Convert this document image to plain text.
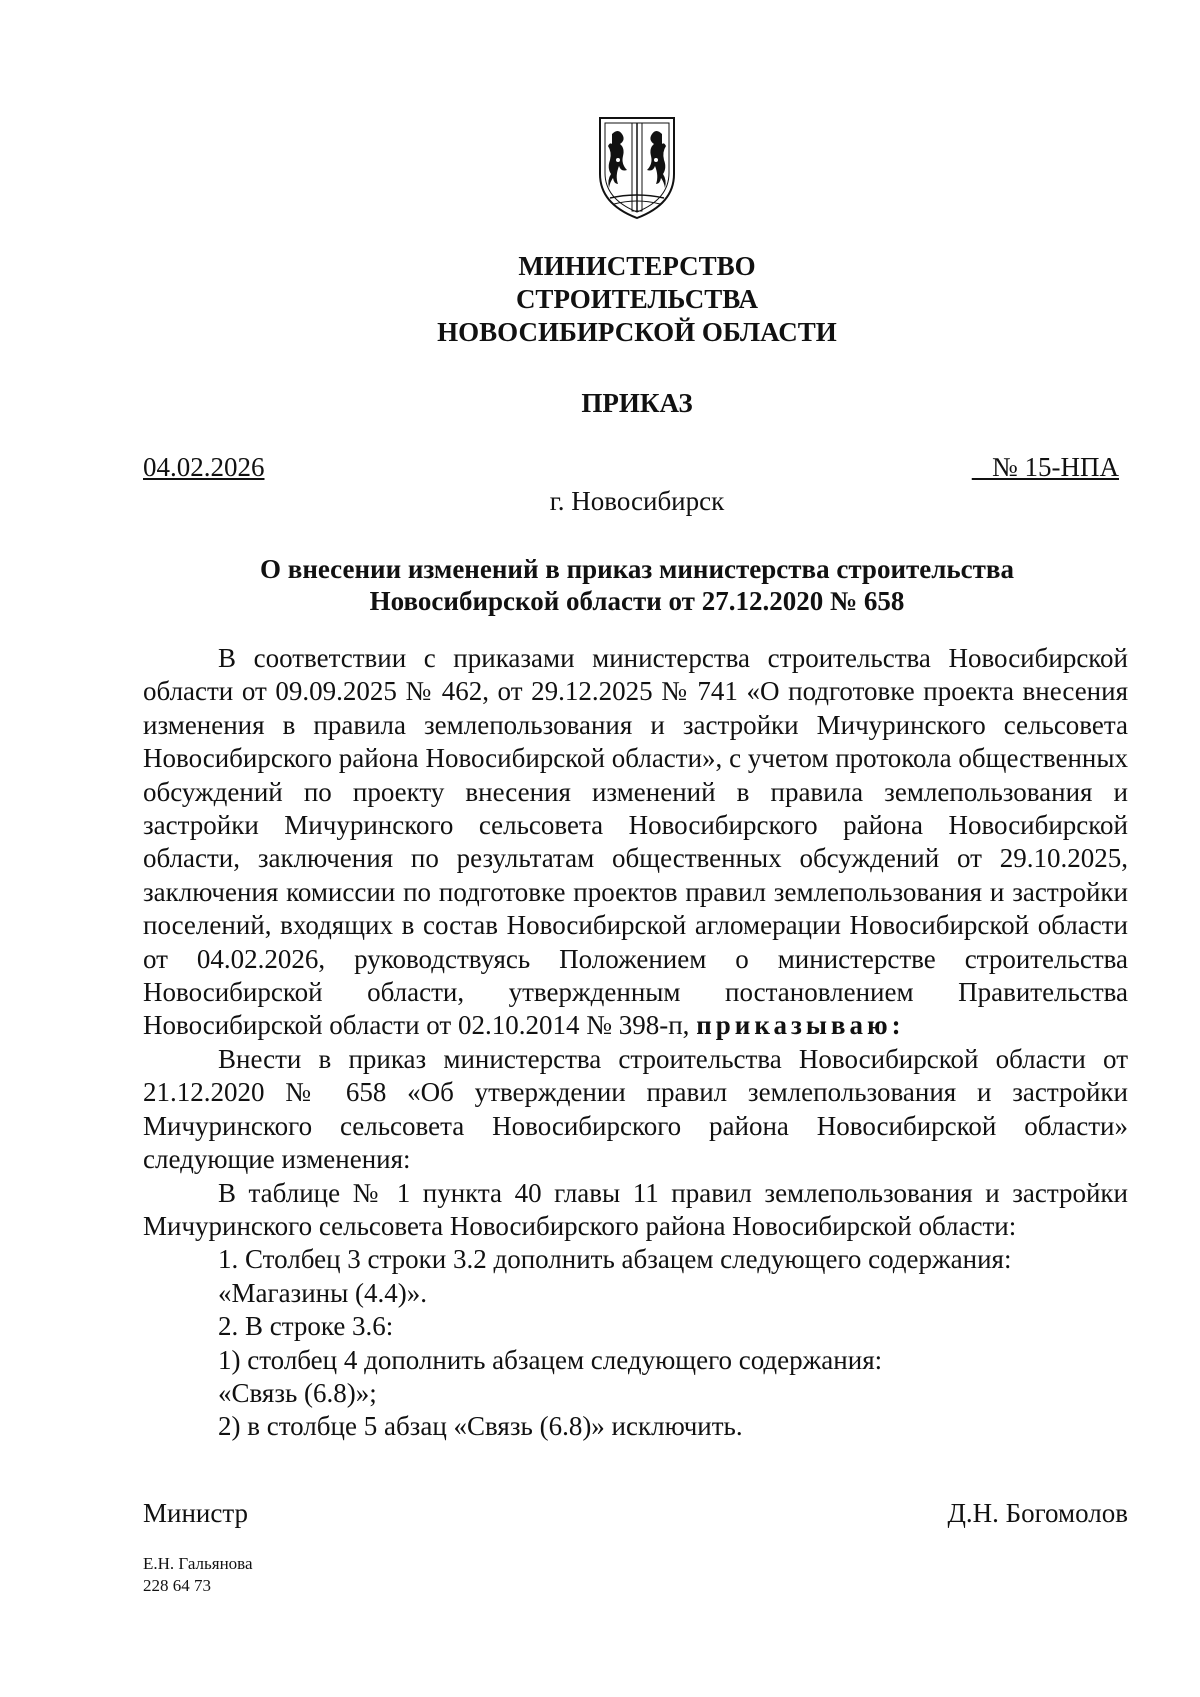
МИНИСТЕРСТВО
СТРОИТЕЛЬСТВА
НОВОСИБИРСКОЙ ОБЛАСТИ
ПРИКАЗ
04.02.2026	№ 15-НПА
г. Новосибирск
О внесении изменений в приказ министерства строительства
Новосибирской области от 27.12.2020 № 658

В соответствии с приказами министерства строительства Новосибирской области от 09.09.2025 № 462, от 29.12.2025 № 741 «О подготовке проекта внесения изменения в правила землепользования и застройки Мичуринского сельсовета Новосибирского района Новосибирской области», с учетом протокола общественных обсуждений по проекту внесения изменений в правила землепользования и застройки Мичуринского сельсовета Новосибирского района Новосибирской области, заключения по результатам общественных обсуждений от 29.10.2025, заключения комиссии по подготовке проектов правил землепользования и застройки поселений, входящих в состав Новосибирской агломерации Новосибирской области от 04.02.2026, руководствуясь Положением о министерстве строительства Новосибирской области, утвержденным постановлением Правительства Новосибирской области от 02.10.2014 № 398-п, приказываю:

Внести в приказ министерства строительства Новосибирской области от 21.12.2020 № 658 «Об утверждении правил землепользования и застройки Мичуринского сельсовета Новосибирского района Новосибирской области» следующие изменения:

В таблице № 1 пункта 40 главы 11 правил землепользования и застройки Мичуринского сельсовета Новосибирского района Новосибирской области:

1. Столбец 3 строки 3.2 дополнить абзацем следующего содержания:

«Магазины (4.4)».

2. В строке 3.6:

1) столбец 4 дополнить абзацем следующего содержания:

«Связь (6.8)»;

2) в столбце 5 абзац «Связь (6.8)» исключить.

Министр	Д.Н. Богомолов
Е.Н. Гальянова
228 64 73
